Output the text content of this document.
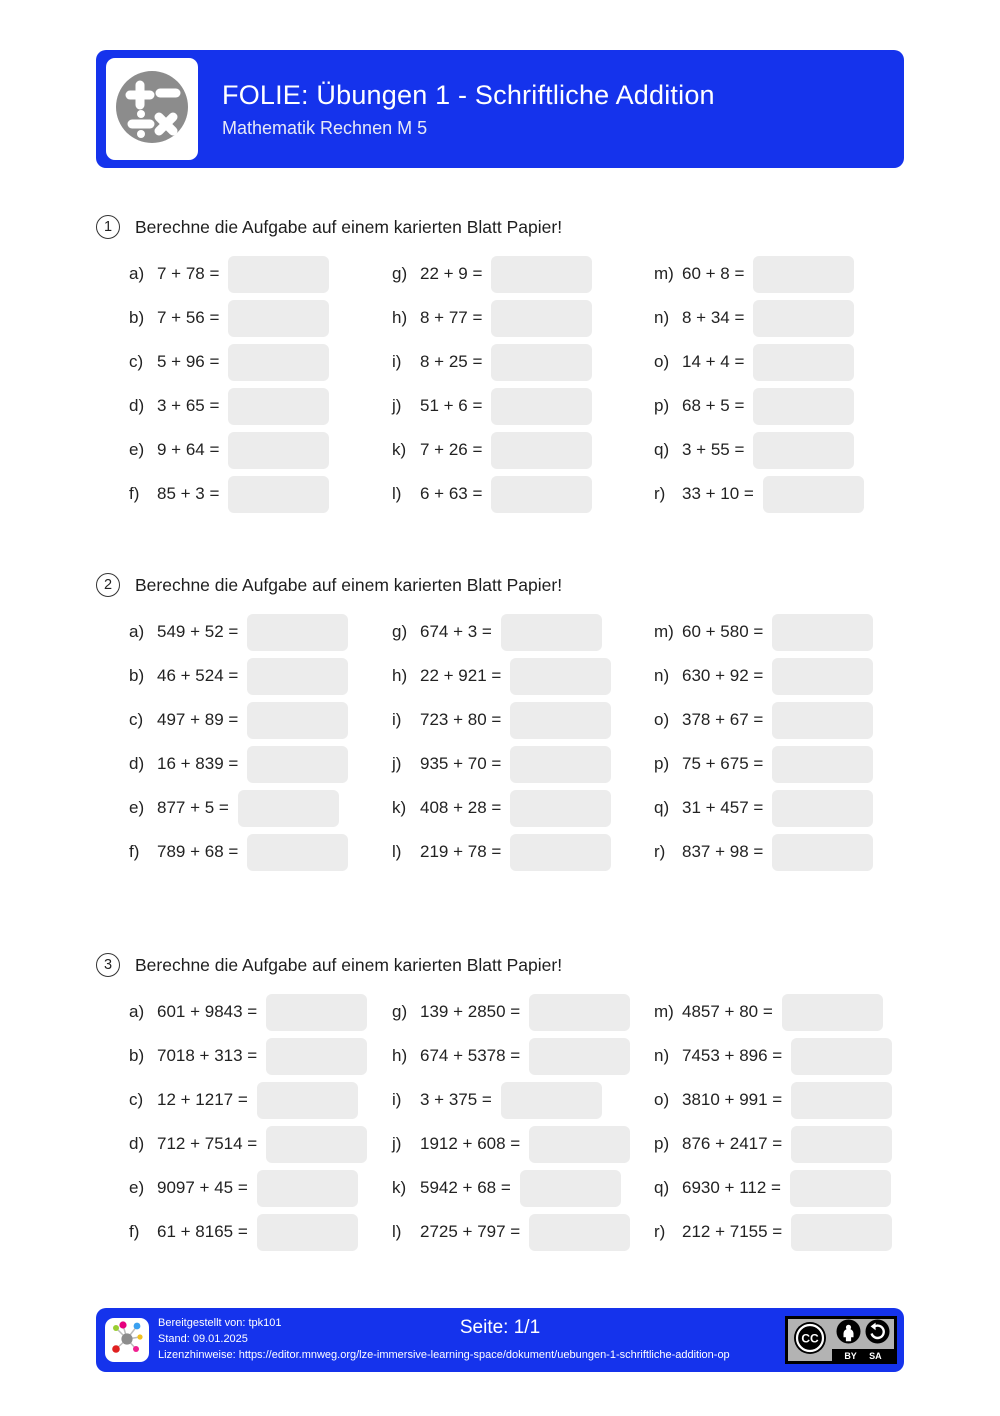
FOLIE: Übungen 1 - Schriftliche Addition
Mathematik Rechnen M 5
1	Berechne die Aufgabe auf einem karierten Blatt Papier!
a) 7 + 78 =
b) 7 + 56 =
c) 5 + 96 =
d) 3 + 65 =
e) 9 + 64 =
f)	85 + 3 =
g) 22 + 9 =
h) 8 + 77 =
i)	8 + 25 =
j)	51 + 6 =
k) 7 + 26 =
l)	6 + 63 =
m) 60 + 8 =
n) 8 + 34 =
o) 14 + 4 =
p) 68 + 5 =
q) 3 + 55 =
r) 33 + 10 =
2	Berechne die Aufgabe auf einem karierten Blatt Papier!
a) 549 + 52 =
b) 46 + 524 =
c) 497 + 89 =
d) 16 + 839 =
e) 877 + 5 =
f)	789 + 68 =
g) 674 + 3 =
h) 22 + 921 =
i)	723 + 80 =
j)	935 + 70 =
k) 408 + 28 =
l)	219 + 78 =
m) 60 + 580 =
n) 630 + 92 =
o) 378 + 67 =
p) 75 + 675 =
q) 31 + 457 =
r) 837 + 98 =
3	Berechne die Aufgabe auf einem karierten Blatt Papier!
a) 601 + 9843 =
b) 7018 + 313 =
c) 12 + 1217 =
d) 712 + 7514 =
e) 9097 + 45 =
f)	61 + 8165 =
g) 139 + 2850 =
h) 674 + 5378 =
i)	3 + 375 =
j)	1912 + 608 =
k) 5942 + 68 =
l)	2725 + 797 =
m) 4857 + 80 =
n) 7453 + 896 =
o) 3810 + 991 =
p) 876 + 2417 =
q) 6930 + 112 =
r) 212 + 7155 =
Bereitgestellt von: tpk101
Stand: 09.01.2025
Lizenzhinweise: https://editor.mnweg.org/lze-immersive-learning-space/dokument/uebungen-1-schriftliche-addition-op
Seite: 1/1	CC
BY SA
